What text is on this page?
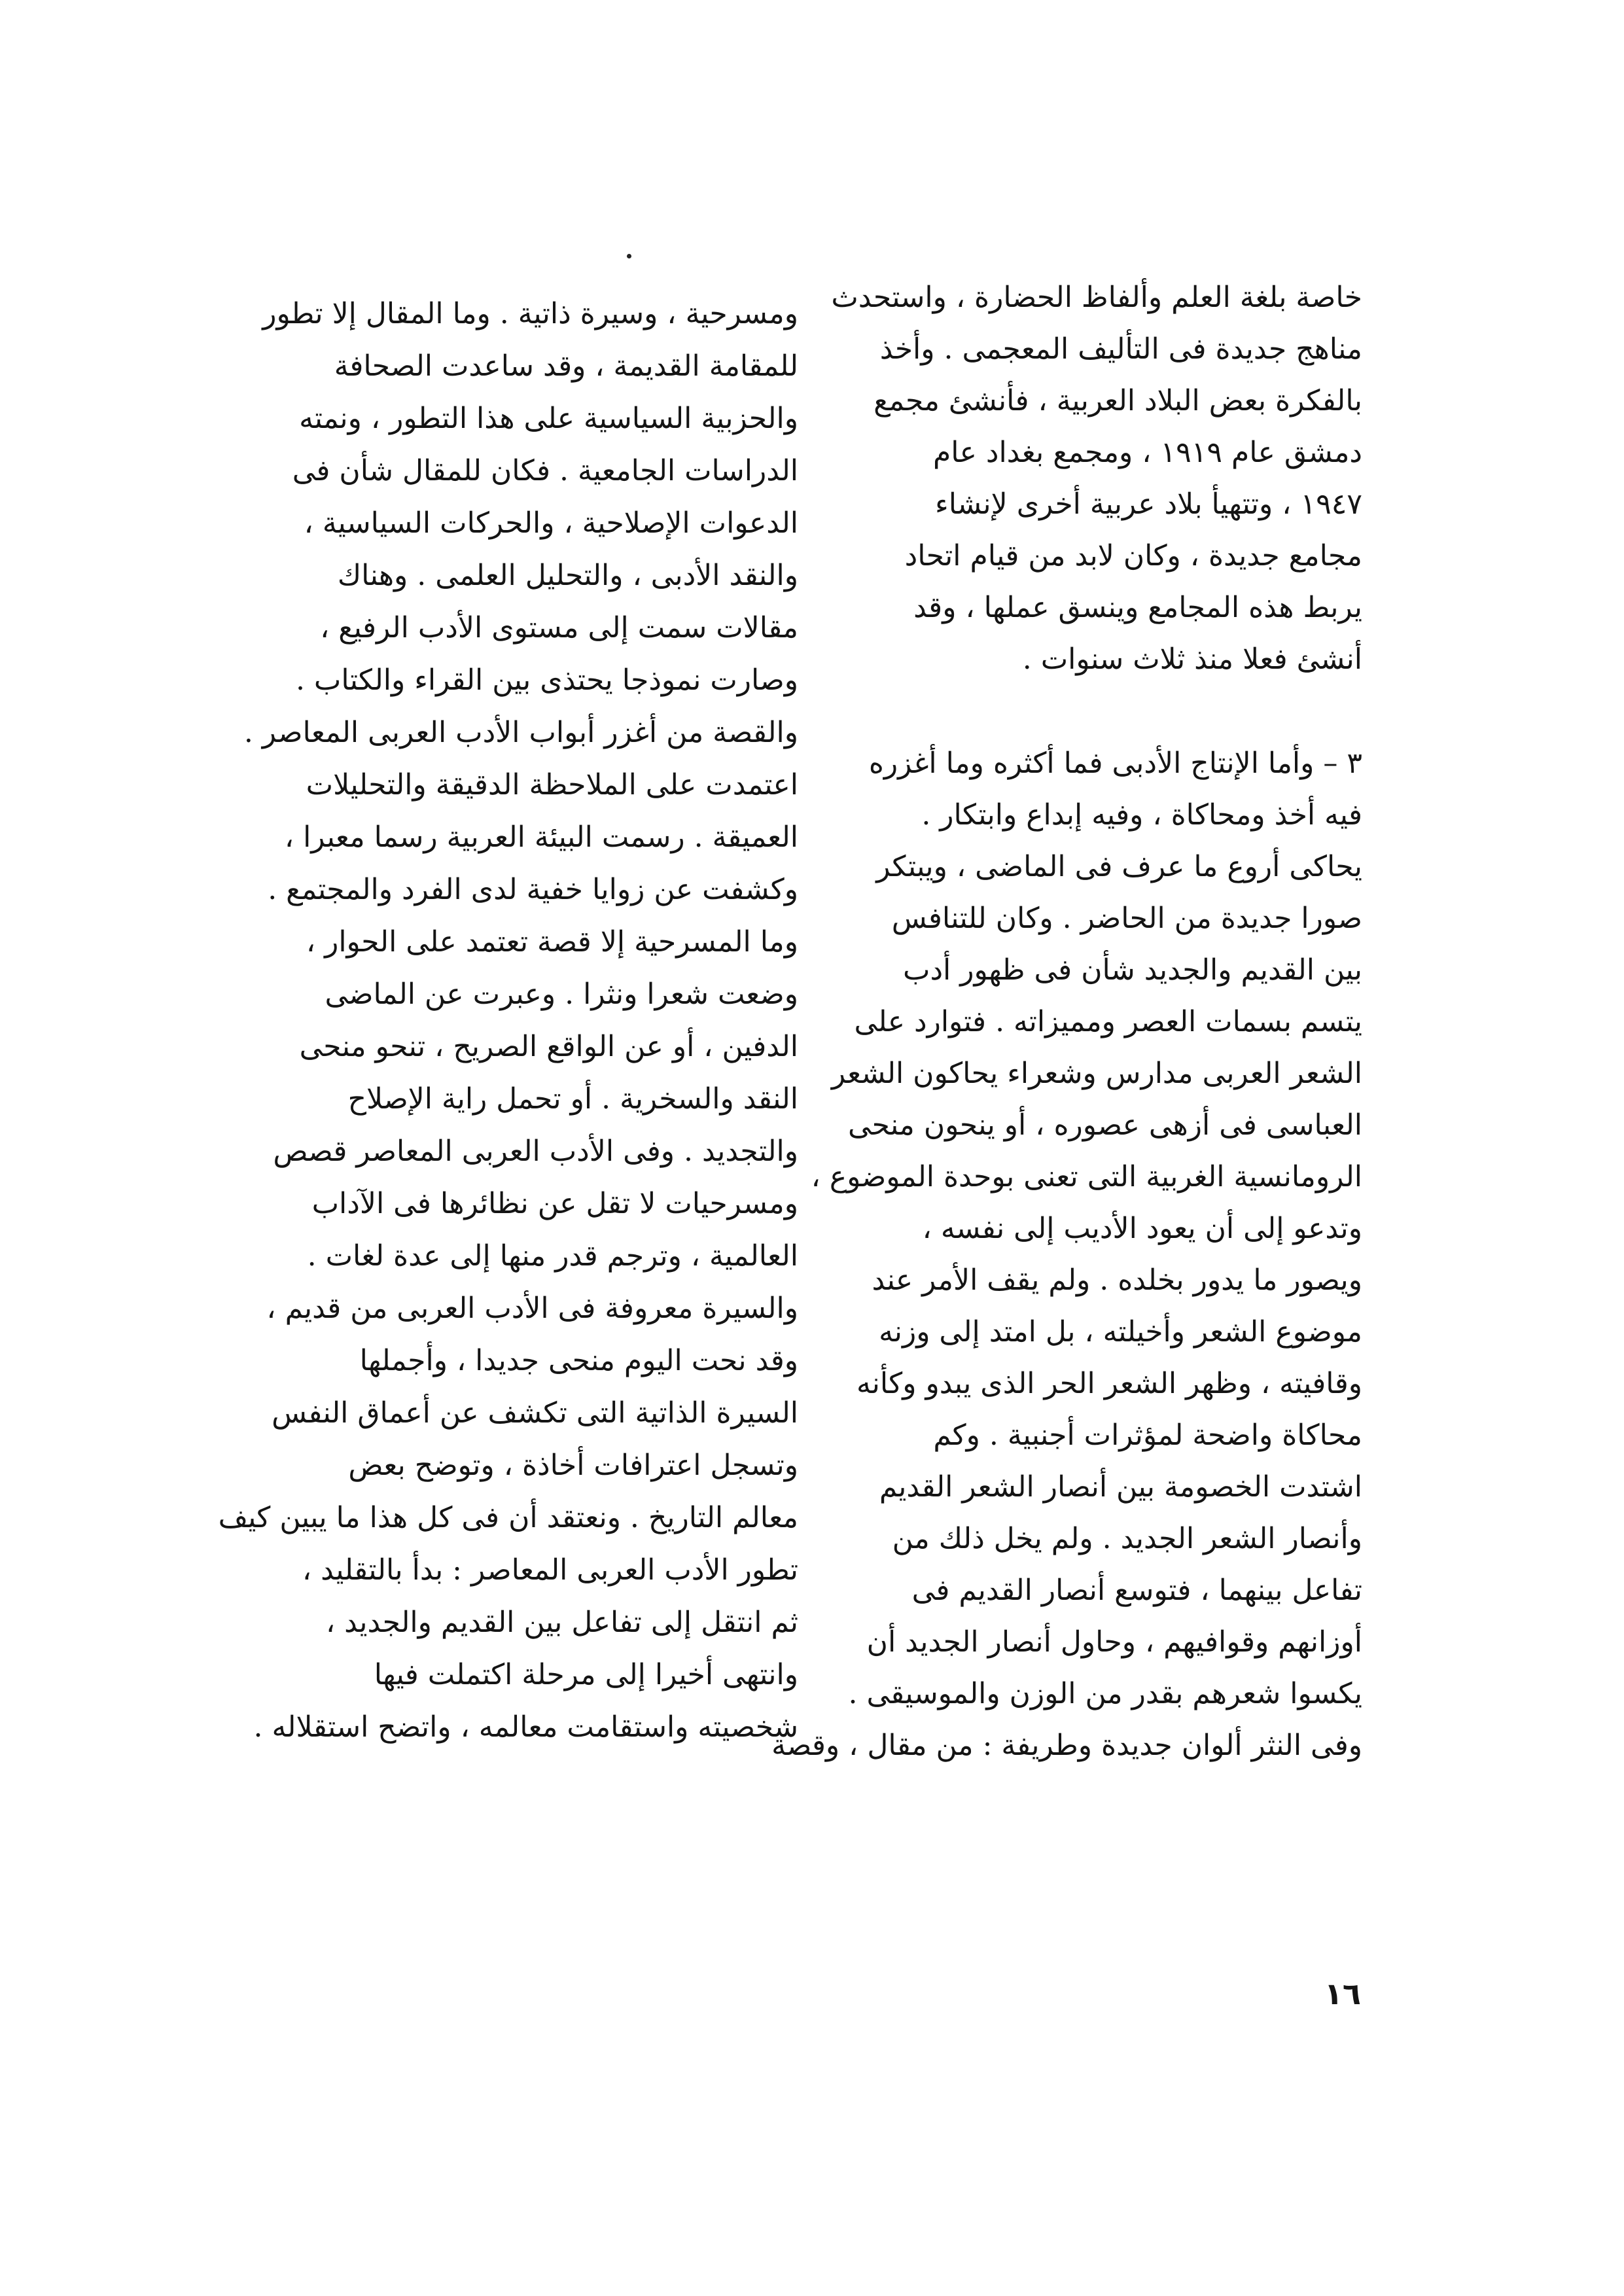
خاصة بلغة العلم وألفاظ الحضارة ، واستحدث
مناهج جديدة فى التأليف المعجمى . وأخذ
بالفكرة بعض البلاد العربية ، فأنشئ مجمع
دمشق عام ١٩١٩ ، ومجمع بغداد عام
١٩٤٧ ، وتتهيأ بلاد عربية أخرى لإنشاء
مجامع جديدة ، وكان لابد من قيام اتحاد
يربط هذه المجامع وينسق عملها ، وقد
أنشئ فعلا منذ ثلاث سنوات .
٣ – وأما الإنتاج الأدبى فما أكثره وما أغزره
فيه أخذ ومحاكاة ، وفيه إبداع وابتكار .
يحاكى أروع ما عرف فى الماضى ، ويبتكر
صورا جديدة من الحاضر . وكان للتنافس
بين القديم والجديد شأن فى ظهور أدب
يتسم بسمات العصر ومميزاته . فتوارد على
الشعر العربى مدارس وشعراء يحاكون الشعر
العباسى فى أزهى عصوره ، أو ينحون منحى
الرومانسية الغربية التى تعنى بوحدة الموضوع ،
وتدعو إلى أن يعود الأديب إلى نفسه ،
ويصور ما يدور بخلده . ولم يقف الأمر عند
موضوع الشعر وأخيلته ، بل امتد إلى وزنه
وقافيته ، وظهر الشعر الحر الذى يبدو وكأنه
محاكاة واضحة لمؤثرات أجنبية . وكم
اشتدت الخصومة بين أنصار الشعر القديم
وأنصار الشعر الجديد . ولم يخل ذلك من
تفاعل بينهما ، فتوسع أنصار القديم فى
أوزانهم وقوافيهم ، وحاول أنصار الجديد أن
يكسوا شعرهم بقدر من الوزن والموسيقى .
وفى النثر ألوان جديدة وطريفة : من مقال ، وقصة
ومسرحية ، وسيرة ذاتية . وما المقال إلا تطور
للمقامة القديمة ، وقد ساعدت الصحافة
والحزبية السياسية على هذا التطور ، ونمته
الدراسات الجامعية . فكان للمقال شأن فى
الدعوات الإصلاحية ، والحركات السياسية ،
والنقد الأدبى ، والتحليل العلمى . وهناك
مقالات سمت إلى مستوى الأدب الرفيع ،
وصارت نموذجا يحتذى بين القراء والكتاب .
والقصة من أغزر أبواب الأدب العربى المعاصر .
اعتمدت على الملاحظة الدقيقة والتحليلات
العميقة . رسمت البيئة العربية رسما معبرا ،
وكشفت عن زوايا خفية لدى الفرد والمجتمع .
وما المسرحية إلا قصة تعتمد على الحوار ،
وضعت شعرا ونثرا . وعبرت عن الماضى
الدفين ، أو عن الواقع الصريح ، تنحو منحى
النقد والسخرية . أو تحمل راية الإصلاح
والتجديد . وفى الأدب العربى المعاصر قصص
ومسرحيات لا تقل عن نظائرها فى الآداب
العالمية ، وترجم قدر منها إلى عدة لغات .
والسيرة معروفة فى الأدب العربى من قديم ،
وقد نحت اليوم منحى جديدا ، وأجملها
السيرة الذاتية التى تكشف عن أعماق النفس
وتسجل اعترافات أخاذة ، وتوضح بعض
معالم التاريخ . ونعتقد أن فى كل هذا ما يبين كيف
تطور الأدب العربى المعاصر : بدأ بالتقليد ،
ثم انتقل إلى تفاعل بين القديم والجديد ،
وانتهى أخيرا إلى مرحلة اكتملت فيها
شخصيته واستقامت معالمه ، واتضح استقلاله .
١٦
